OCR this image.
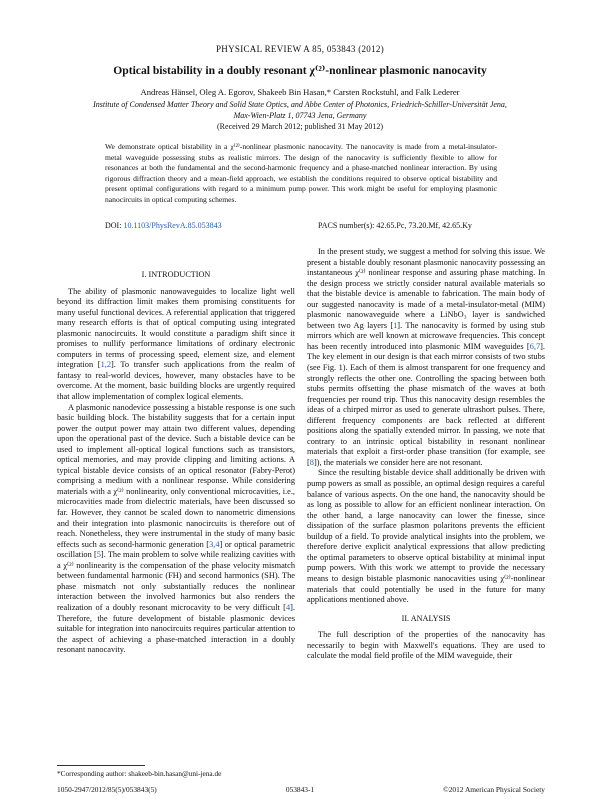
PHYSICAL REVIEW A 85, 053843 (2012)
Optical bistability in a doubly resonant χ⁽²⁾-nonlinear plasmonic nanocavity
Andreas Hänsel, Oleg A. Egorov, Shakeeb Bin Hasan,* Carsten Rockstuhl, and Falk Lederer
Institute of Condensed Matter Theory and Solid State Optics, and Abbe Center of Photonics, Friedrich-Schiller-Universität Jena,
Max-Wien-Platz 1, 07743 Jena, Germany
(Received 29 March 2012; published 31 May 2012)
We demonstrate optical bistability in a χ⁽²⁾-nonlinear plasmonic nanocavity. The nanocavity is made from a metal-insulator-metal waveguide possessing stubs as realistic mirrors. The design of the nanocavity is sufficiently flexible to allow for resonances at both the fundamental and the second-harmonic frequency and a phase-matched nonlinear interaction. By using rigorous diffraction theory and a mean-field approach, we establish the conditions required to observe optical bistability and present optimal configurations with regard to a minimum pump power. This work might be useful for employing plasmonic nanocircuits in optical computing schemes.
DOI: 10.1103/PhysRevA.85.053843	PACS number(s): 42.65.Pc, 73.20.Mf, 42.65.Ky
I. INTRODUCTION

The ability of plasmonic nanowaveguides to localize light well beyond its diffraction limit makes them promising constituents for many useful functional devices. A referential application that triggered many research efforts is that of optical computing using integrated plasmonic nanocircuits. It would constitute a paradigm shift since it promises to nullify performance limitations of ordinary electronic computers in terms of processing speed, element size, and element integration [1,2]. To transfer such applications from the realm of fantasy to real-world devices, however, many obstacles have to be overcome. At the moment, basic building blocks are urgently required that allow implementation of complex logical elements.

A plasmonic nanodevice possessing a bistable response is one such basic building block. The bistability suggests that for a certain input power the output power may attain two different values, depending upon the operational past of the device. Such a bistable device can be used to implement all-optical logical functions such as transistors, optical memories, and may provide clipping and limiting actions. A typical bistable device consists of an optical resonator (Fabry-Perot) comprising a medium with a nonlinear response. While considering materials with a χ⁽²⁾ nonlinearity, only conventional microcavities, i.e., microcavities made from dielectric materials, have been discussed so far. However, they cannot be scaled down to nanometric dimensions and their integration into plasmonic nanocircuits is therefore out of reach. Nonetheless, they were instrumental in the study of many basic effects such as second-harmonic generation [3,4] or optical parametric oscillation [5]. The main problem to solve while realizing cavities with a χ⁽²⁾ nonlinearity is the compensation of the phase velocity mismatch between fundamental harmonic (FH) and second harmonics (SH). The phase mismatch not only substantially reduces the nonlinear interaction between the involved harmonics but also renders the realization of a doubly resonant microcavity to be very difficult [4]. Therefore, the future development of bistable plasmonic devices suitable for integration into nanocircuits requires particular attention to the aspect of achieving a phase-matched interaction in a doubly resonant nanocavity.

In the present study, we suggest a method for solving this issue. We present a bistable doubly resonant plasmonic nanocavity possessing an instantaneous χ⁽²⁾ nonlinear response and assuring phase matching. In the design process we strictly consider natural available materials so that the bistable device is amenable to fabrication. The main body of our suggested nanocavity is made of a metal-insulator-metal (MIM) plasmonic nanowaveguide where a LiNbO₃ layer is sandwiched between two Ag layers [1]. The nanocavity is formed by using stub mirrors which are well known at microwave frequencies. This concept has been recently introduced into plasmonic MIM waveguides [6,7]. The key element in our design is that each mirror consists of two stubs (see Fig. 1). Each of them is almost transparent for one frequency and strongly reflects the other one. Controlling the spacing between both stubs permits offsetting the phase mismatch of the waves at both frequencies per round trip. Thus this nanocavity design resembles the ideas of a chirped mirror as used to generate ultrashort pulses. There, different frequency components are back reflected at different positions along the spatially extended mirror. In passing, we note that contrary to an intrinsic optical bistability in resonant nonlinear materials that exploit a first-order phase transition (for example, see [8]), the materials we consider here are not resonant.

Since the resulting bistable device shall additionally be driven with pump powers as small as possible, an optimal design requires a careful balance of various aspects. On the one hand, the nanocavity should be as long as possible to allow for an efficient nonlinear interaction. On the other hand, a large nanocavity can lower the finesse, since dissipation of the surface plasmon polaritons prevents the efficient buildup of a field. To provide analytical insights into the problem, we therefore derive explicit analytical expressions that allow predicting the optimal parameters to observe optical bistability at minimal input pump powers. With this work we attempt to provide the necessary means to design bistable plasmonic nanocavities using χ⁽²⁾-nonlinear materials that could potentially be used in the future for many applications mentioned above.

II. ANALYSIS

The full description of the properties of the nanocavity has necessarily to begin with Maxwell's equations. They are used to calculate the modal field profile of the MIM waveguide, their

*Corresponding author: shakeeb-bin.hasan@uni-jena.de
1050-2947/2012/85(5)/053843(5)	053843-1	©2012 American Physical Society
